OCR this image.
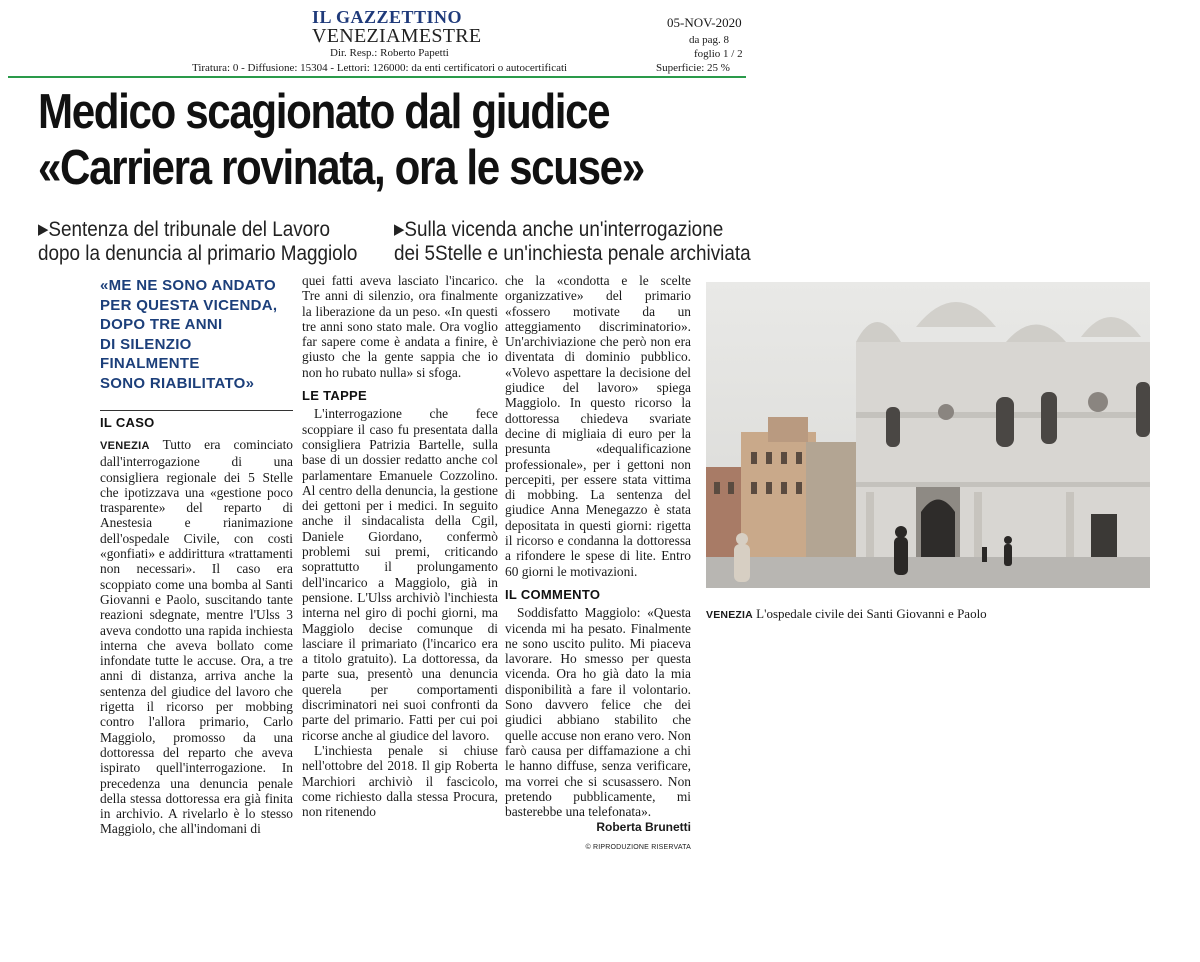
IL GAZZETTINO
VENEZIAMESTRE
Dir. Resp.: Roberto Papetti
05-NOV-2020
da pag. 8
foglio 1 / 2
Tiratura: 0 - Diffusione: 15304 - Lettori: 126000: da enti certificatori o autocertificati	Superficie: 25 %
Medico scagionato dal giudice
«Carriera rovinata, ora le scuse»
▶Sentenza del tribunale del Lavoro
dopo la denuncia al primario Maggiolo
▶Sulla vicenda anche un'interrogazione
dei 5Stelle e un'inchiesta penale archiviata
«ME NE SONO ANDATO
PER QUESTA VICENDA,
DOPO TRE ANNI
DI SILENZIO
FINALMENTE
SONO RIABILITATO»
IL CASO

VENEZIA Tutto era cominciato dall'interrogazione di una consigliera regionale dei 5 Stelle che ipotizzava una «gestione poco trasparente» del reparto di Anestesia e rianimazione dell'ospedale Civile, con costi «gonfiati» e addirittura «trattamenti non necessari». Il caso era scoppiato come una bomba al Santi Giovanni e Paolo, suscitando tante reazioni sdegnate, mentre l'Ulss 3 aveva condotto una rapida inchiesta interna che aveva bollato come infondate tutte le accuse. Ora, a tre anni di distanza, arriva anche la sentenza del giudice del lavoro che rigetta il ricorso per mobbing contro l'allora primario, Carlo Maggiolo, promosso da una dottoressa del reparto che aveva ispirato quell'interrogazione. In precedenza una denuncia penale della stessa dottoressa era già finita in archivio. A rivelarlo è lo stesso Maggiolo, che all'indomani di

quei fatti aveva lasciato l'incarico. Tre anni di silenzio, ora finalmente la liberazione da un peso. «In questi tre anni sono stato male. Ora voglio far sapere come è andata a finire, è giusto che la gente sappia che io non ho rubato nulla» si sfoga.

LE TAPPE

L'interrogazione che fece scoppiare il caso fu presentata dalla consigliera Patrizia Bartelle, sulla base di un dossier redatto anche col parlamentare Emanuele Cozzolino. Al centro della denuncia, la gestione dei gettoni per i medici. In seguito anche il sindacalista della Cgil, Daniele Giordano, confermò problemi sui premi, criticando soprattutto il prolungamento dell'incarico a Maggiolo, già in pensione. L'Ulss archiviò l'inchiesta interna nel giro di pochi giorni, ma Maggiolo decise comunque di lasciare il primariato (l'incarico era a titolo gratuito). La dottoressa, da parte sua, presentò una denuncia querela per comportamenti discriminatori nei suoi confronti da parte del primario. Fatti per cui poi ricorse anche al giudice del lavoro.

L'inchiesta penale si chiuse nell'ottobre del 2018. Il gip Roberta Marchiori archiviò il fascicolo, come richiesto dalla stessa Procura, non ritenendo

che la «condotta e le scelte organizzative» del primario «fossero motivate da un atteggiamento discriminatorio». Un'archiviazione che però non era diventata di dominio pubblico. «Volevo aspettare la decisione del giudice del lavoro» spiega Maggiolo. In questo ricorso la dottoressa chiedeva svariate decine di migliaia di euro per la presunta «dequalificazione professionale», per i gettoni non percepiti, per essere stata vittima di mobbing. La sentenza del giudice Anna Menegazzo è stata depositata in questi giorni: rigetta il ricorso e condanna la dottoressa a rifondere le spese di lite. Entro 60 giorni le motivazioni.

IL COMMENTO

Soddisfatto Maggiolo: «Questa vicenda mi ha pesato. Finalmente ne sono uscito pulito. Mi piaceva lavorare. Ho smesso per questa vicenda. Ora ho già dato la mia disponibilità a fare il volontario. Sono davvero felice che dei giudici abbiano stabilito che quelle accuse non erano vero. Non farò causa per diffamazione a chi le hanno diffuse, senza verificare, ma vorrei che si scusassero. Non pretendo pubblicamente, mi basterebbe una telefonata».

Roberta Brunetti
© RIPRODUZIONE RISERVATA
VENEZIA L'ospedale civile dei Santi Giovanni e Paolo
